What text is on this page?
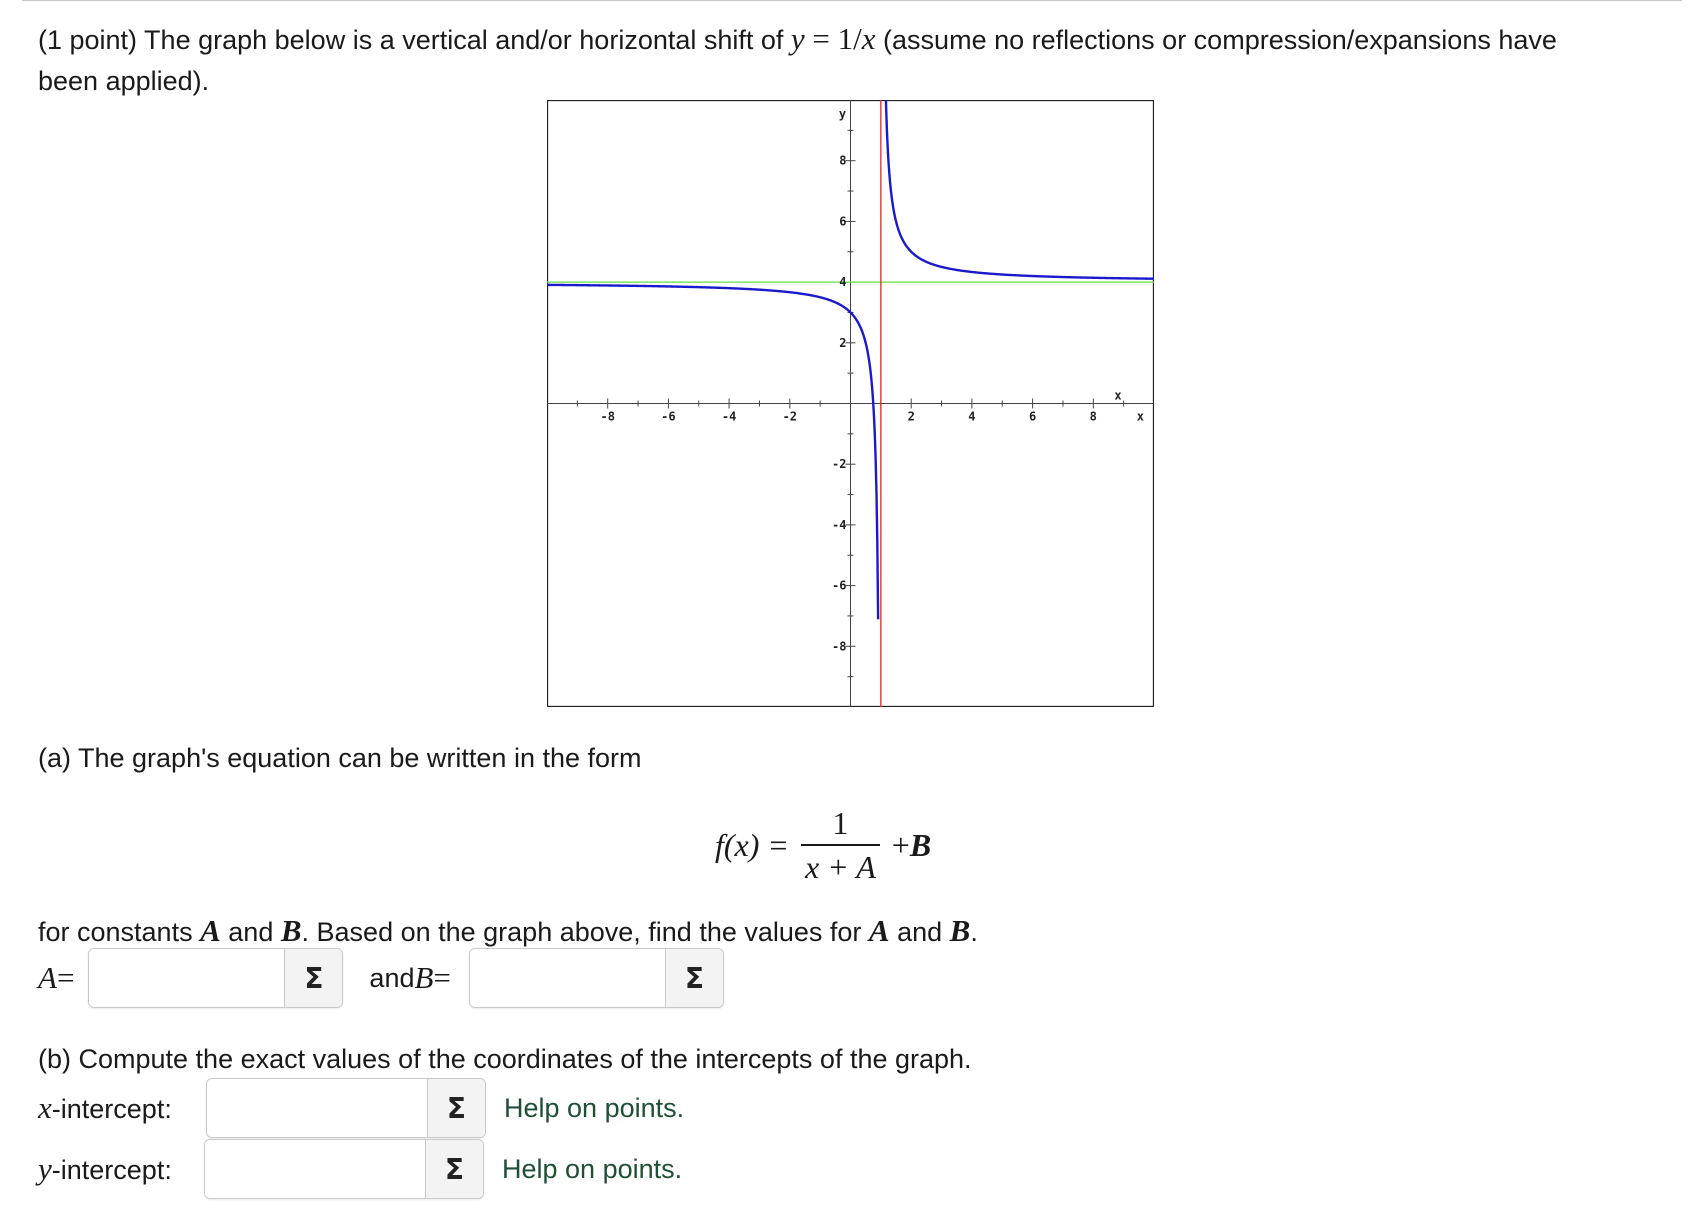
(1 point) The graph below is a vertical and/or horizontal shift of y = 1/x (assume no reflections or compression/expansions have
been applied).
-8	-6	-4	-2	2	4	6	8
8
6
4
2
-2
-4
-6
-8
x
x
y
(a) The graph's equation can be written in the form
$f(x) = \frac{1}{x + A} + B$
for constants A and B. Based on the graph above, find the values for A and B.
A =	Σ and B =	Σ
(b) Compute the exact values of the coordinates of the intercepts of the graph.
x-intercept:	Σ Help on points.
y-intercept:	Σ Help on points.
